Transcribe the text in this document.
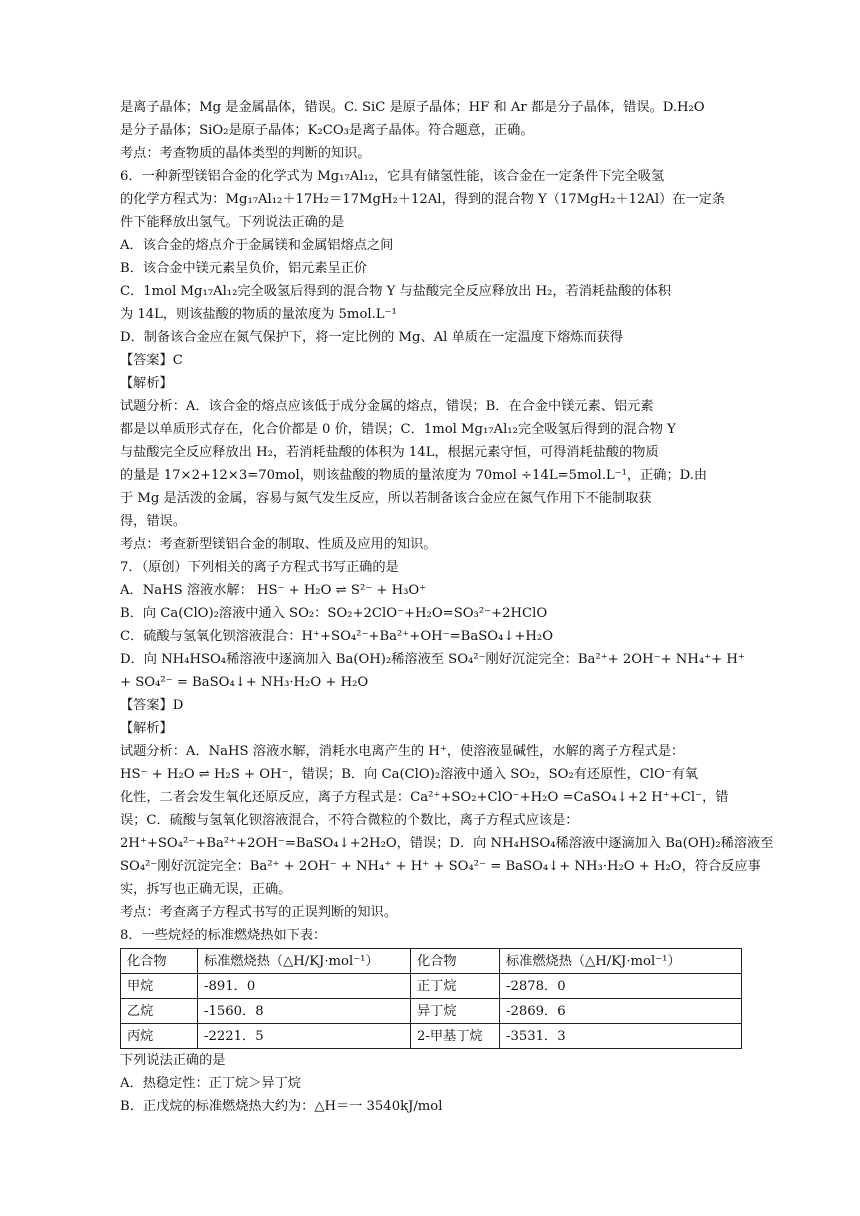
是离子晶体；Mg 是金属晶体，错误。C. SiC 是原子晶体；HF 和 Ar 都是分子晶体，错误。D.H₂O
是分子晶体；SiO₂是原子晶体；K₂CO₃是离子晶体。符合题意，正确。
考点：考查物质的晶体类型的判断的知识。
6．一种新型镁铝合金的化学式为 Mg₁₇Al₁₂，它具有储氢性能，该合金在一定条件下完全吸氢
的化学方程式为：Mg₁₇Al₁₂＋17H₂＝17MgH₂＋12Al，得到的混合物 Y（17MgH₂＋12Al）在一定条
件下能释放出氢气。下列说法正确的是
A．该合金的熔点介于金属镁和金属铝熔点之间
B．该合金中镁元素呈负价，铝元素呈正价
C．1mol Mg₁₇Al₁₂完全吸氢后得到的混合物 Y 与盐酸完全反应释放出 H₂，若消耗盐酸的体积
为 14L，则该盐酸的物质的量浓度为 5mol.L⁻¹
D．制备该合金应在氮气保护下，将一定比例的 Mg、Al 单质在一定温度下熔炼而获得
【答案】C
【解析】
试题分析：A．该合金的熔点应该低于成分金属的熔点，错误；B．在合金中镁元素、铝元素
都是以单质形式存在，化合价都是 0 价，错误；C．1mol Mg₁₇Al₁₂完全吸氢后得到的混合物 Y
与盐酸完全反应释放出 H₂，若消耗盐酸的体积为 14L，根据元素守恒，可得消耗盐酸的物质
的量是 17×2+12×3=70mol，则该盐酸的物质的量浓度为 70mol ÷14L=5mol.L⁻¹，正确；D.由
于 Mg 是活泼的金属，容易与氮气发生反应，所以若制备该合金应在氮气作用下不能制取获
得，错误。
考点：考查新型镁铝合金的制取、性质及应用的知识。
7．（原创）下列相关的离子方程式书写正确的是
A．NaHS 溶液水解： HS⁻ + H₂O ⇌ S²⁻ + H₃O⁺
B．向 Ca(ClO)₂溶液中通入 SO₂：SO₂+2ClO⁻+H₂O=SO₃²⁻+2HClO
C．硫酸与氢氧化钡溶液混合：H⁺+SO₄²⁻+Ba²⁺+OH⁻=BaSO₄↓+H₂O
D．向 NH₄HSO₄稀溶液中逐滴加入 Ba(OH)₂稀溶液至 SO₄²⁻刚好沉淀完全：Ba²⁺+ 2OH⁻+ NH₄⁺+ H⁺
+ SO₄²⁻ = BaSO₄↓+ NH₃·H₂O + H₂O
【答案】D
【解析】
试题分析：A．NaHS 溶液水解，消耗水电离产生的 H⁺，使溶液显碱性，水解的离子方程式是：
HS⁻ + H₂O ⇌ H₂S + OH⁻，错误；B．向 Ca(ClO)₂溶液中通入 SO₂，SO₂有还原性，ClO⁻有氧
化性，二者会发生氧化还原反应，离子方程式是：Ca²⁺+SO₂+ClO⁻+H₂O =CaSO₄↓+2 H⁺+Cl⁻，错
误；C．硫酸与氢氧化钡溶液混合，不符合微粒的个数比，离子方程式应该是：
2H⁺+SO₄²⁻+Ba²⁺+2OH⁻=BaSO₄↓+2H₂O，错误；D．向 NH₄HSO₄稀溶液中逐滴加入 Ba(OH)₂稀溶液至
SO₄²⁻刚好沉淀完全：Ba²⁺ + 2OH⁻ + NH₄⁺ + H⁺ + SO₄²⁻ = BaSO₄↓+ NH₃·H₂O + H₂O，符合反应事
实，拆写也正确无误，正确。
考点：考查离子方程式书写的正误判断的知识。
8．一些烷烃的标准燃烧热如下表：
化合物	标准燃烧热（△H/KJ·mol⁻¹）	化合物	标准燃烧热（△H/KJ·mol⁻¹）
甲烷	-891．0	正丁烷	-2878．0
乙烷	-1560．8	异丁烷	-2869．6
丙烷	-2221．5	2-甲基丁烷	-3531．3
下列说法正确的是
A．热稳定性：正丁烷＞异丁烷
B．正戊烷的标准燃烧热大约为：△H＝一 3540kJ/mol
